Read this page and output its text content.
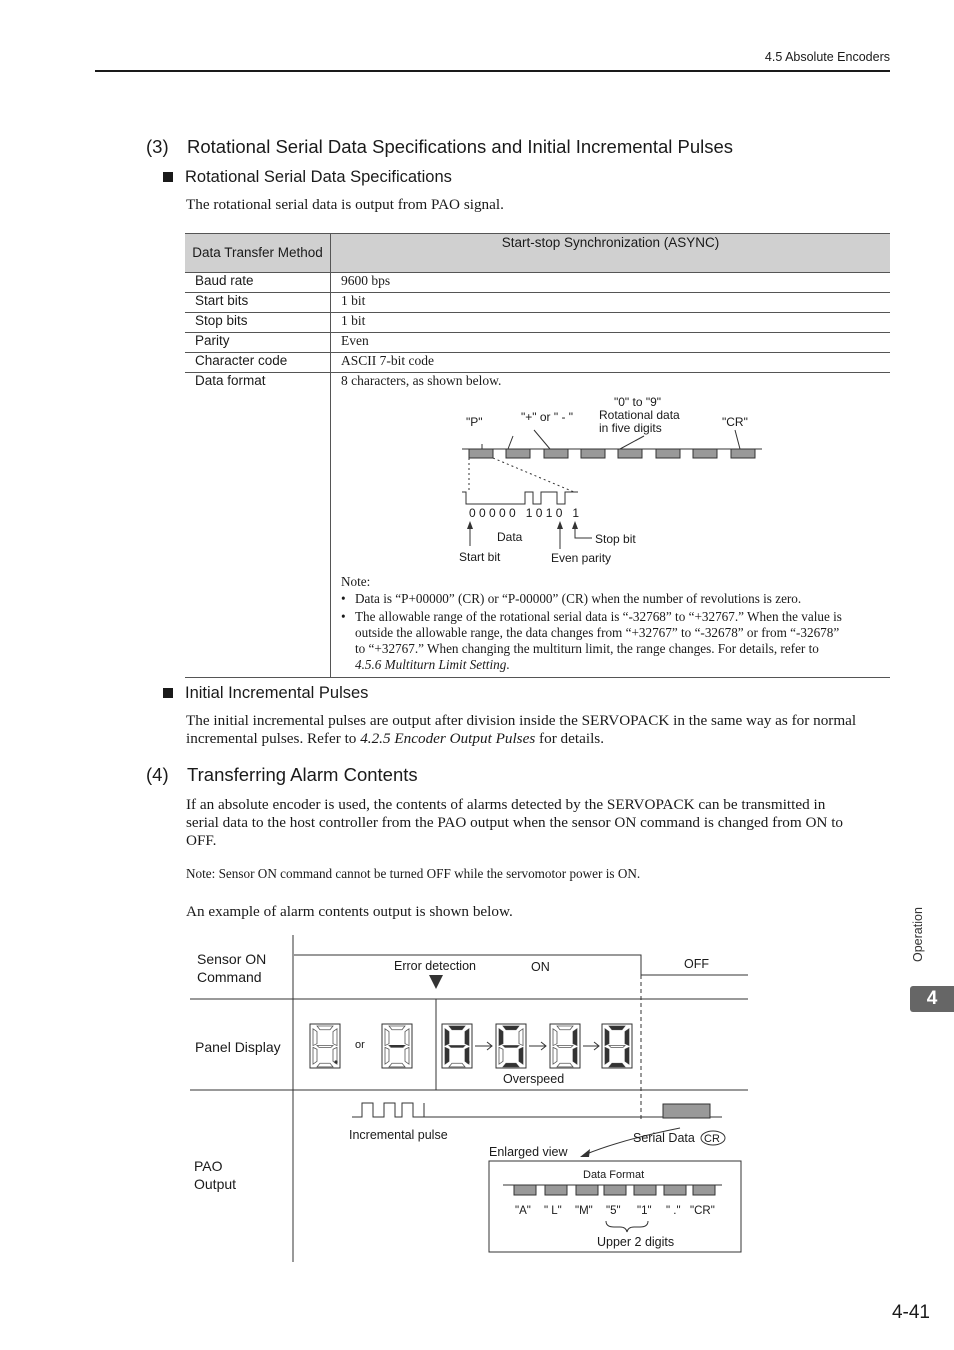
4.5 Absolute Encoders
(3) Rotational Serial Data Specifications and Initial Incremental Pulses
Rotational Serial Data Specifications
The rotational serial data is output from PAO signal.
Data Transfer Method	Start-stop Synchronization (ASYNC)
Baud rate	9600 bps
Start bits	1 bit
Stop bits	1 bit
Parity	Even
Character code	ASCII 7-bit code
Data format	8 characters, as shown below.
"P"	"+" or " - "
"0" to "9"
Rotational data
in five digits	"CR"
0 0 0 0 0   1 0 1 0   1
Data
Start bit	Even parity
Stop bit
Note:
• Data is “P+00000” (CR) or “P-00000” (CR) when the number of revolutions is zero.
• The allowable range of the rotational serial data is “-32768” to “+32767.” When the value is
outside the allowable range, the data changes from “+32767” to “-32678” or from “-32678”
to “+32767.” When changing the multiturn limit, the range changes. For details, refer to
4.5.6 Multiturn Limit Setting.
Initial Incremental Pulses
The initial incremental pulses are output after division inside the SERVOPACK in the same way as for normal
incremental pulses. Refer to 4.2.5 Encoder Output Pulses for details.
(4) Transferring Alarm Contents
If an absolute encoder is used, the contents of alarms detected by the SERVOPACK can be transmitted in
serial data to the host controller from the PAO output when the sensor ON command is changed from ON to
OFF.
Note: Sensor ON command cannot be turned OFF while the servomotor power is ON.
An example of alarm contents output is shown below.
Sensor ON
Command
Panel Display
PAO
Output
Error detection	ON	OFF
Overspeed
Incremental pulse	Serial Data
Enlarged view
Upper 2 digits
or
CR
Data Format
"A" " L" "M" "5" "1" " ." "CR"
Operation
4
4-41
